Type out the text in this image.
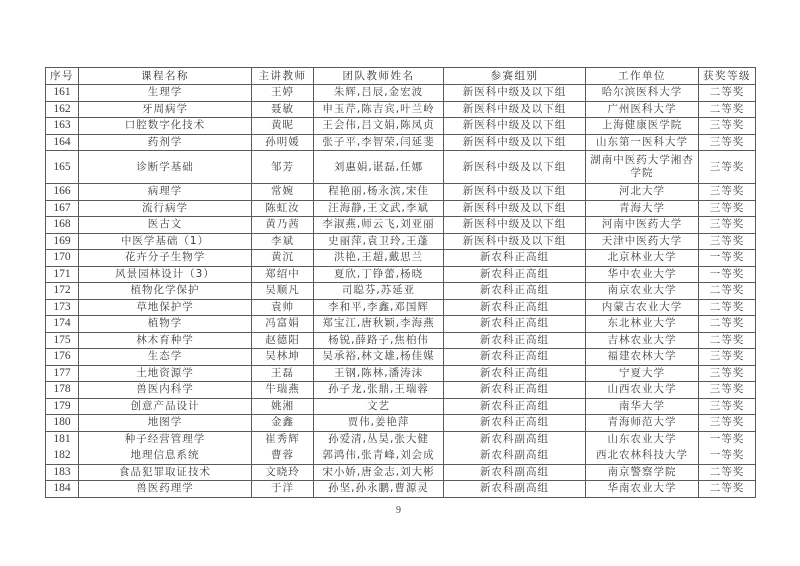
序号	课程名称	主讲教师	团队教师姓名	参赛组别	工作单位	获奖等级
161	生理学	王婷	朱辉,吕辰,金宏波	新医科中级及以下组	哈尔滨医科大学	二等奖
162	牙周病学	聂敏	申玉芹,陈吉宾,叶兰岭	新医科中级及以下组	广州医科大学	二等奖
163	口腔数字化技术	黄昵	王会伟,吕文娟,陈凤贞	新医科中级及以下组	上海健康医学院	三等奖
164	药剂学	孙明媛	张子平,李智荣,闫延斐	新医科中级及以下组	山东第一医科大学	三等奖
165	诊断学基础	邹芳	刘惠娟,谌磊,任娜	新医科中级及以下组	湖南中医药大学湘杏学院	三等奖
166	病理学	常婉	程艳丽,杨永滨,宋佳	新医科中级及以下组	河北大学	三等奖
167	流行病学	陈虹汝	汪海静,王文武,李斌	新医科中级及以下组	青海大学	三等奖
168	医古文	黄乃茜	李淑燕,师云飞,刘亚丽	新医科中级及以下组	河南中医药大学	三等奖
169	中医学基础（1）	李斌	史丽萍,袁卫玲,王蓬	新医科中级及以下组	天津中医药大学	三等奖
170	花卉分子生物学	黄沉	洪艳,王超,戴思兰	新农科正高组	北京林业大学	一等奖
171	风景园林设计（3）	郑绍中	夏欣,丁铮蕾,杨晓	新农科正高组	华中农业大学	一等奖
172	植物化学保护	吴顺凡	司聪芬,苏延亚	新农科正高组	南京农业大学	二等奖
173	草地保护学	袁帅	李和平,李鑫,邓国辉	新农科正高组	内蒙古农业大学	二等奖
174	植物学	冯富娟	郑宝江,唐秋颖,李海燕	新农科正高组	东北林业大学	二等奖
175	林木育种学	赵德阳	杨锐,薛路子,焦柏伟	新农科正高组	吉林农业大学	二等奖
176	生态学	吴林坤	吴承裕,林文雄,杨佳媒	新农科正高组	福建农林大学	三等奖
177	土地资源学	王磊	王钢,陈林,潘涛沫	新农科正高组	宁夏大学	三等奖
178	兽医内科学	牛瑞燕	孙子龙,张鼎,王瑞蓉	新农科正高组	山西农业大学	三等奖
179	创意产品设计	姚湘	文艺	新农科正高组	南华大学	三等奖
180	地图学	金鑫	贾伟,姜艳萍	新农科正高组	青海师范大学	三等奖
181	种子经营管理学	崔秀辉	孙爱清,丛昊,张大健	新农科副高组	山东农业大学	一等奖
182	地理信息系统	曹蓉	郭鸿伟,张青峰,刘会成	新农科副高组	西北农林科技大学	一等奖
183	食品犯罪取证技术	文晓玲	宋小娇,唐金志,刘大彬	新农科副高组	南京警察学院	二等奖
184	兽医药理学	于洋	孙坚,孙永鹏,曹源灵	新农科副高组	华南农业大学	二等奖
9
